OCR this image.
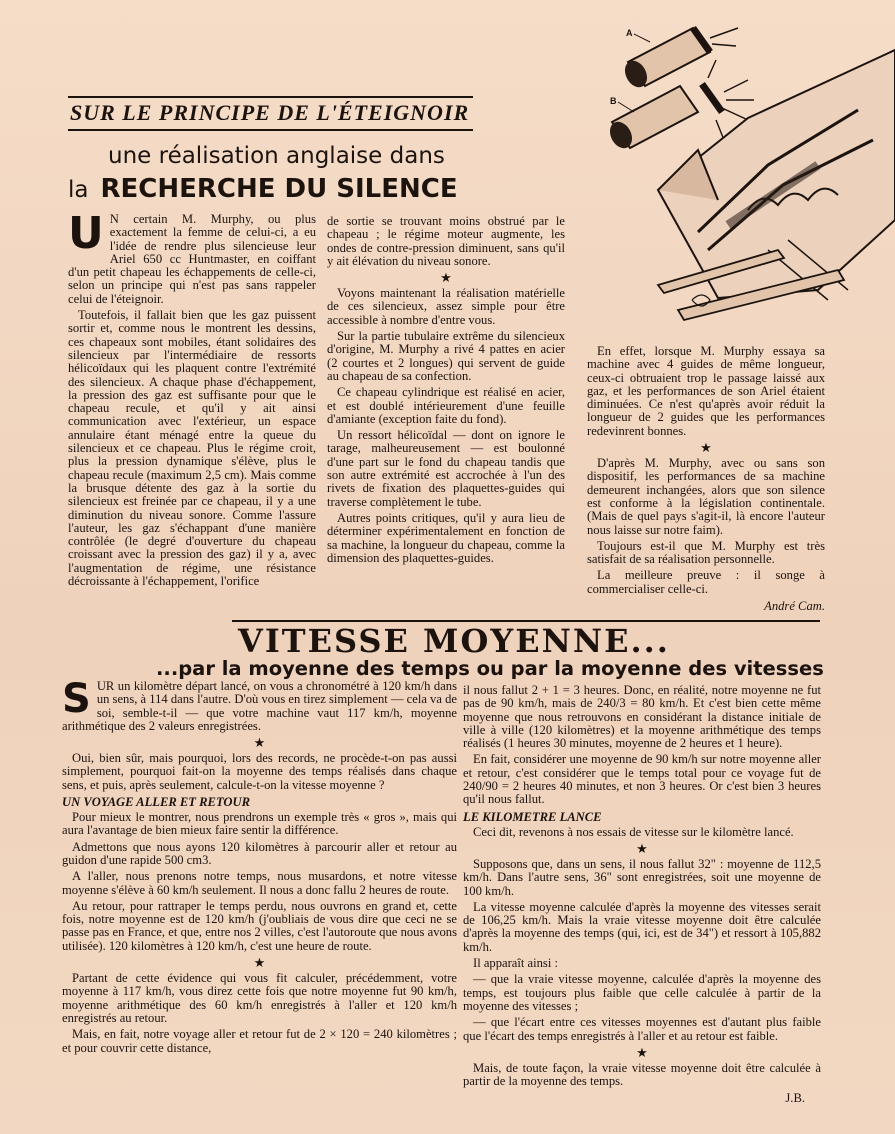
A
B
SUR LE PRINCIPE DE L'ÉTEIGNOIR
une réalisation anglaise dans
la RECHERCHE DU SILENCE
U N certain M. Murphy, ou plus exactement la femme de celui-ci, a eu l'idée de rendre plus silencieuse leur Ariel 650 cc Huntmaster, en coiffant d'un petit chapeau les échappements de celle-ci, selon un principe qui n'est pas sans rappeler celui de l'éteignoir.

Toutefois, il fallait bien que les gaz puissent sortir et, comme nous le montrent les dessins, ces chapeaux sont mobiles, étant solidaires des silencieux par l'intermédiaire de ressorts hélicoïdaux qui les plaquent contre l'extrémité des silencieux. A chaque phase d'échappement, la pression des gaz est suffisante pour que le chapeau recule, et qu'il y ait ainsi communication avec l'extérieur, un espace annulaire étant ménagé entre la queue du silencieux et ce chapeau. Plus le régime croit, plus la pression dynamique s'élève, plus le chapeau recule (maximum 2,5 cm). Mais comme la brusque détente des gaz à la sortie du silencieux est freinée par ce chapeau, il y a une diminution du niveau sonore. Comme l'assure l'auteur, les gaz s'échappant d'une manière contrôlée (le degré d'ouverture du chapeau croissant avec la pression des gaz) il y a, avec l'augmentation de régime, une résistance décroissante à l'échappement, l'orifice

de sortie se trouvant moins obstrué par le chapeau ; le régime moteur augmente, les ondes de contre-pression diminuent, sans qu'il y ait élévation du niveau sonore.

★

Voyons maintenant la réalisation matérielle de ces silencieux, assez simple pour être accessible à nombre d'entre vous.

Sur la partie tubulaire extrême du silencieux d'origine, M. Murphy a rivé 4 pattes en acier (2 courtes et 2 longues) qui servent de guide au chapeau de sa confection.

Ce chapeau cylindrique est réalisé en acier, et est doublé intérieurement d'une feuille d'amiante (exception faite du fond).

Un ressort hélicoïdal — dont on ignore le tarage, malheureusement — est boulonné d'une part sur le fond du chapeau tandis que son autre extrémité est accrochée à l'un des rivets de fixation des plaquettes-guides qui traverse complètement le tube.

Autres points critiques, qu'il y aura lieu de déterminer expérimentalement en fonction de sa machine, la longueur du chapeau, comme la dimension des plaquettes-guides.

En effet, lorsque M. Murphy essaya sa machine avec 4 guides de même longueur, ceux-ci obtruaient trop le passage laissé aux gaz, et les performances de son Ariel étaient diminuées. Ce n'est qu'après avoir réduit la longueur de 2 guides que les performances redevinrent bonnes.

★

D'après M. Murphy, avec ou sans son dispositif, les performances de sa machine demeurent inchangées, alors que son silence est conforme à la législation continentale. (Mais de quel pays s'agit-il, là encore l'auteur nous laisse sur notre faim).

Toujours est-il que M. Murphy est très satisfait de sa réalisation personnelle.

La meilleure preuve : il songe à commercialiser celle-ci.

André Cam.
VITESSE MOYENNE...
...par la moyenne des temps ou par la moyenne des vitesses
S UR un kilomètre départ lancé, on vous a chronométré à 120 km/h dans un sens, à 114 dans l'autre. D'où vous en tirez simplement — cela va de soi, semble-t-il — que votre machine vaut 117 km/h, moyenne arithmétique des 2 valeurs enregistrées.

★

Oui, bien sûr, mais pourquoi, lors des records, ne procède-t-on pas aussi simplement, pourquoi fait-on la moyenne des temps réalisés dans chaque sens, et puis, après seulement, calcule-t-on la vitesse moyenne ?

UN VOYAGE ALLER ET RETOUR

Pour mieux le montrer, nous prendrons un exemple très « gros », mais qui aura l'avantage de bien mieux faire sentir la différence.

Admettons que nous ayons 120 kilomètres à parcourir aller et retour au guidon d'une rapide 500 cm3.

A l'aller, nous prenons notre temps, nous musardons, et notre vitesse moyenne s'élève à 60 km/h seulement. Il nous a donc fallu 2 heures de route.

Au retour, pour rattraper le temps perdu, nous ouvrons en grand et, cette fois, notre moyenne est de 120 km/h (j'oubliais de vous dire que ceci ne se passe pas en France, et que, entre nos 2 villes, c'est l'autoroute que nous avons utilisée). 120 kilomètres à 120 km/h, c'est une heure de route.

★

Partant de cette évidence qui vous fit calculer, précédemment, votre moyenne à 117 km/h, vous direz cette fois que notre moyenne fut 90 km/h, moyenne arithmétique des 60 km/h enregistrés à l'aller et 120 km/h enregistrés au retour.

Mais, en fait, notre voyage aller et retour fut de 2 × 120 = 240 kilomètres ; et pour couvrir cette distance,

il nous fallut 2 + 1 = 3 heures. Donc, en réalité, notre moyenne ne fut pas de 90 km/h, mais de 240/3 = 80 km/h. Et c'est bien cette même moyenne que nous retrouvons en considérant la distance initiale de ville à ville (120 kilomètres) et la moyenne arithmétique des temps réalisés (1 heures 30 minutes, moyenne de 2 heures et 1 heure).

En fait, considérer une moyenne de 90 km/h sur notre moyenne aller et retour, c'est considérer que le temps total pour ce voyage fut de 240/90 = 2 heures 40 minutes, et non 3 heures. Or c'est bien 3 heures qu'il nous fallut.

LE KILOMETRE LANCE

Ceci dit, revenons à nos essais de vitesse sur le kilomètre lancé.

★

Supposons que, dans un sens, il nous fallut 32" : moyenne de 112,5 km/h. Dans l'autre sens, 36" sont enregistrées, soit une moyenne de 100 km/h.

La vitesse moyenne calculée d'après la moyenne des vitesses serait de 106,25 km/h. Mais la vraie vitesse moyenne doit être calculée d'après la moyenne des temps (qui, ici, est de 34") et ressort à 105,882 km/h.

Il apparaît ainsi :

— que la vraie vitesse moyenne, calculée d'après la moyenne des temps, est toujours plus faible que celle calculée à partir de la moyenne des vitesses ;

— que l'écart entre ces vitesses moyennes est d'autant plus faible que l'écart des temps enregistrés à l'aller et au retour est faible.

★

Mais, de toute façon, la vraie vitesse moyenne doit être calculée à partir de la moyenne des temps.

J.B.
